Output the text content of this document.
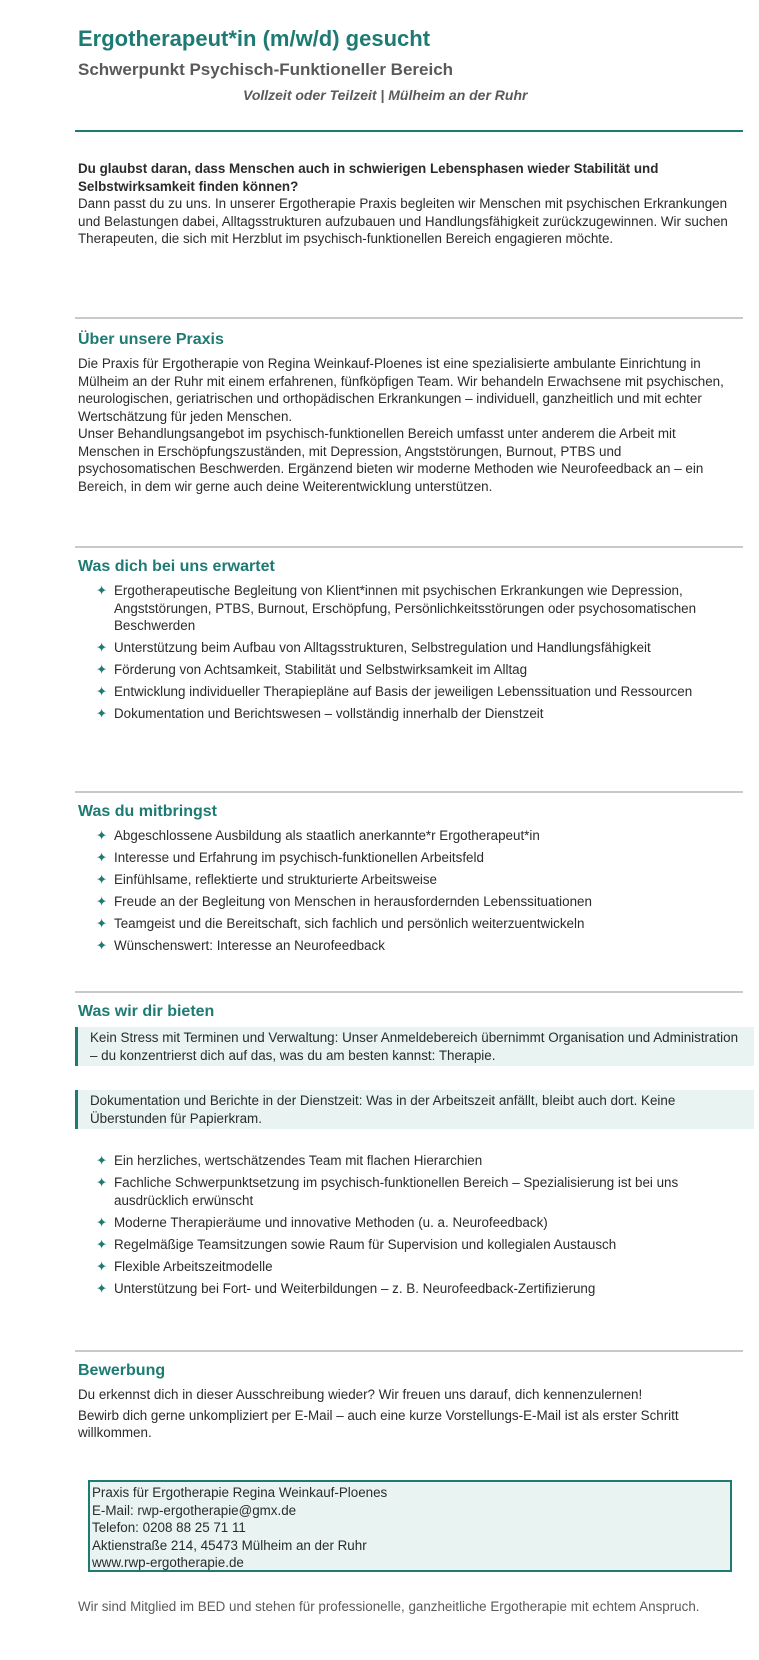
Ergotherapeut*in (m/w/d) gesucht
Schwerpunkt Psychisch-Funktioneller Bereich
Vollzeit oder Teilzeit | Mülheim an der Ruhr
Du glaubst daran, dass Menschen auch in schwierigen Lebensphasen wieder Stabilität und Selbstwirksamkeit finden können?
Dann passt du zu uns. In unserer Ergotherapie Praxis begleiten wir Menschen mit psychischen Erkrankungen und Belastungen dabei, Alltagsstrukturen aufzubauen und Handlungsfähigkeit zurückzugewinnen. Wir suchen Therapeuten, die sich mit Herzblut im psychisch-funktionellen Bereich engagieren möchte.
Über unsere Praxis
Die Praxis für Ergotherapie von Regina Weinkauf-Ploenes ist eine spezialisierte ambulante Einrichtung in Mülheim an der Ruhr mit einem erfahrenen, fünfköpfigen Team. Wir behandeln Erwachsene mit psychischen, neurologischen, geriatrischen und orthopädischen Erkrankungen – individuell, ganzheitlich und mit echter Wertschätzung für jeden Menschen.
Unser Behandlungsangebot im psychisch-funktionellen Bereich umfasst unter anderem die Arbeit mit Menschen in Erschöpfungszuständen, mit Depression, Angststörungen, Burnout, PTBS und psychosomatischen Beschwerden. Ergänzend bieten wir moderne Methoden wie Neurofeedback an – ein Bereich, in dem wir gerne auch deine Weiterentwicklung unterstützen.
Was dich bei uns erwartet
✦ Ergotherapeutische Begleitung von Klient*innen mit psychischen Erkrankungen wie Depression, Angststörungen, PTBS, Burnout, Erschöpfung, Persönlichkeitsstörungen oder psychosomatischen Beschwerden
✦ Unterstützung beim Aufbau von Alltagsstrukturen, Selbstregulation und Handlungsfähigkeit
✦ Förderung von Achtsamkeit, Stabilität und Selbstwirksamkeit im Alltag
✦ Entwicklung individueller Therapiepläne auf Basis der jeweiligen Lebenssituation und Ressourcen
✦ Dokumentation und Berichtswesen – vollständig innerhalb der Dienstzeit
Was du mitbringst
✦ Abgeschlossene Ausbildung als staatlich anerkannte*r Ergotherapeut*in
✦ Interesse und Erfahrung im psychisch-funktionellen Arbeitsfeld
✦ Einfühlsame, reflektierte und strukturierte Arbeitsweise
✦ Freude an der Begleitung von Menschen in herausfordernden Lebenssituationen
✦ Teamgeist und die Bereitschaft, sich fachlich und persönlich weiterzuentwickeln
✦ Wünschenswert: Interesse an Neurofeedback
Was wir dir bieten
Kein Stress mit Terminen und Verwaltung: Unser Anmeldebereich übernimmt Organisation und Administration – du konzentrierst dich auf das, was du am besten kannst: Therapie.
Dokumentation und Berichte in der Dienstzeit: Was in der Arbeitszeit anfällt, bleibt auch dort. Keine Überstunden für Papierkram.
✦ Ein herzliches, wertschätzendes Team mit flachen Hierarchien
✦ Fachliche Schwerpunktsetzung im psychisch-funktionellen Bereich – Spezialisierung ist bei uns ausdrücklich erwünscht
✦ Moderne Therapieräume und innovative Methoden (u. a. Neurofeedback)
✦ Regelmäßige Teamsitzungen sowie Raum für Supervision und kollegialen Austausch
✦ Flexible Arbeitszeitmodelle
✦ Unterstützung bei Fort- und Weiterbildungen – z. B. Neurofeedback-Zertifizierung
Bewerbung
Du erkennst dich in dieser Ausschreibung wieder? Wir freuen uns darauf, dich kennenzulernen!
Bewirb dich gerne unkompliziert per E-Mail – auch eine kurze Vorstellungs-E-Mail ist als erster Schritt willkommen.
Praxis für Ergotherapie Regina Weinkauf-Ploenes
E-Mail: rwp-ergotherapie@gmx.de
Telefon: 0208 88 25 71 11
Aktienstraße 214, 45473 Mülheim an der Ruhr
www.rwp-ergotherapie.de
Wir sind Mitglied im BED und stehen für professionelle, ganzheitliche Ergotherapie mit echtem Anspruch.
